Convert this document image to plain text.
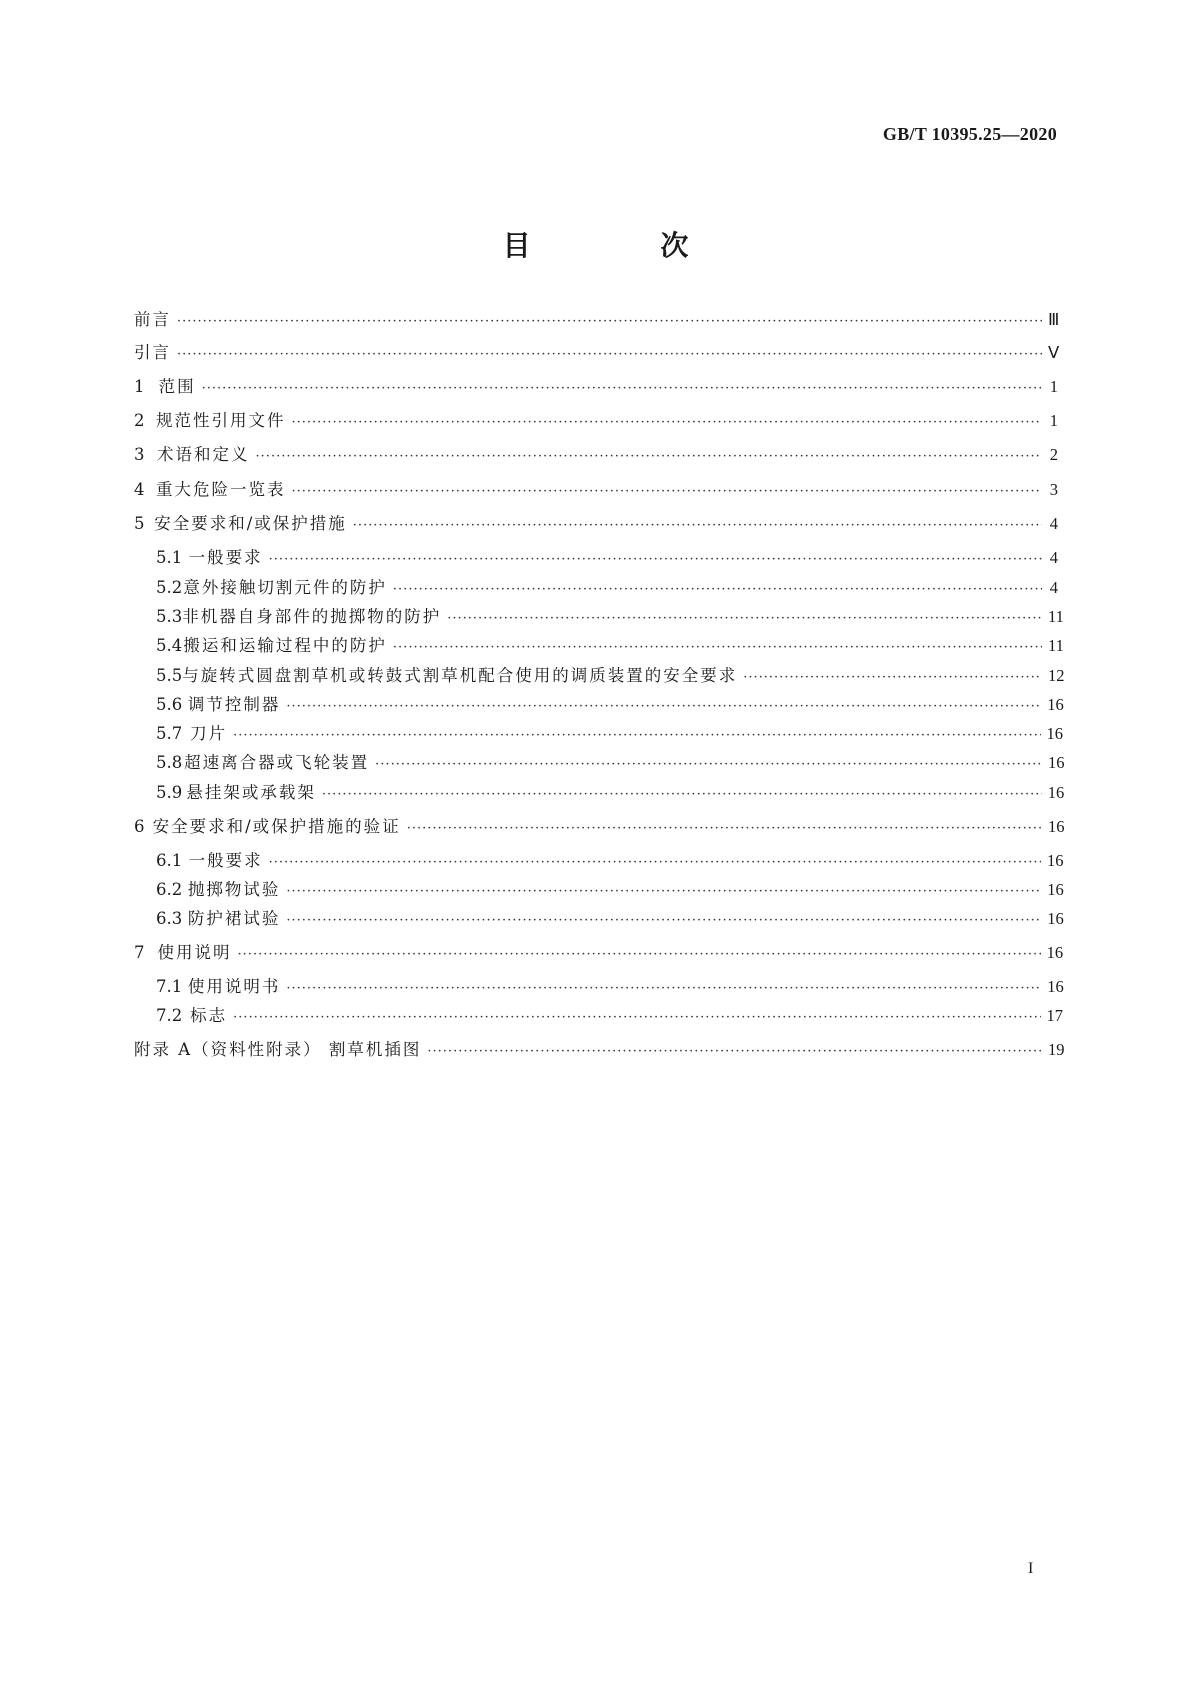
GB/T 10395.25—2020
目 次
前言 ·····	Ⅲ
引言 ·····	Ⅴ
1 范围 ·····	1
2 规范性引用文件 ·····	1
3 术语和定义 ·····	2
4 重大危险一览表 ·····	3
5 安全要求和/或保护措施 ·····	4
5.1 一般要求 ·····	4
5.2 意外接触切割元件的防护 ·····	4
5.3 非机器自身部件的抛掷物的防护 ·····	11
5.4 搬运和运输过程中的防护 ·····	11
5.5 与旋转式圆盘割草机或转鼓式割草机配合使用的调质装置的安全要求 ·····	12
5.6 调节控制器 ·····	16
5.7 刀片 ·····	16
5.8 超速离合器或飞轮装置 ·····	16
5.9 悬挂架或承载架 ·····	16
6 安全要求和/或保护措施的验证 ·····	16
6.1 一般要求 ·····	16
6.2 抛掷物试验 ·····	16
6.3 防护裙试验 ·····	16
7 使用说明 ·····	16
7.1 使用说明书 ·····	16
7.2 标志 ·····	17
附录 A（资料性附录） 割草机插图 ·····	19
I
